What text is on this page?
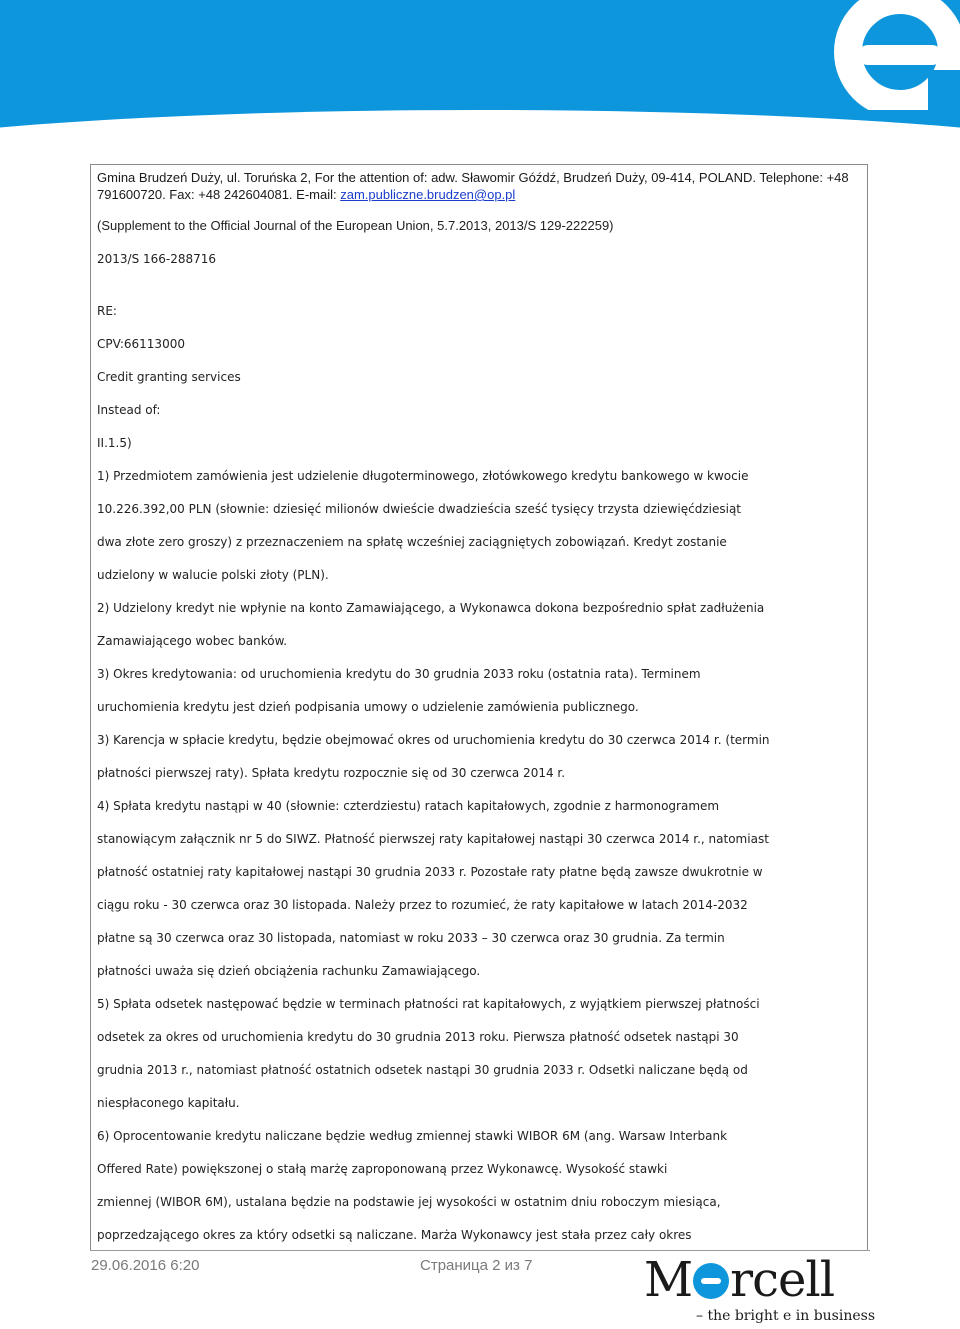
Gmina Brudzeń Duży, ul. Toruńska 2, For the attention of: adw. Sławomir Góźdź, Brudzeń Duży, 09-414, POLAND. Telephone: +48
791600720. Fax: +48 242604081. E-mail: zam.publiczne.brudzen@op.pl
(Supplement to the Official Journal of the European Union, 5.7.2013, 2013/S 129-222259)
2013/S 166-288716
RE:
CPV:66113000
Credit granting services
Instead of:
II.1.5)
1) Przedmiotem zamówienia jest udzielenie długoterminowego, złotówkowego kredytu bankowego w kwocie
10.226.392,00 PLN (słownie: dziesięć milionów dwieście dwadzieścia sześć tysięcy trzysta dziewięćdziesiąt
dwa złote zero groszy) z przeznaczeniem na spłatę wcześniej zaciągniętych zobowiązań. Kredyt zostanie
udzielony w walucie polski złoty (PLN).
2) Udzielony kredyt nie wpłynie na konto Zamawiającego, a Wykonawca dokona bezpośrednio spłat zadłużenia
Zamawiającego wobec banków.
3) Okres kredytowania: od uruchomienia kredytu do 30 grudnia 2033 roku (ostatnia rata). Terminem
uruchomienia kredytu jest dzień podpisania umowy o udzielenie zamówienia publicznego.
3) Karencja w spłacie kredytu, będzie obejmować okres od uruchomienia kredytu do 30 czerwca 2014 r. (termin
płatności pierwszej raty). Spłata kredytu rozpocznie się od 30 czerwca 2014 r.
4) Spłata kredytu nastąpi w 40 (słownie: czterdziestu) ratach kapitałowych, zgodnie z harmonogramem
stanowiącym załącznik nr 5 do SIWZ. Płatność pierwszej raty kapitałowej nastąpi 30 czerwca 2014 r., natomiast
płatność ostatniej raty kapitałowej nastąpi 30 grudnia 2033 r. Pozostałe raty płatne będą zawsze dwukrotnie w
ciągu roku - 30 czerwca oraz 30 listopada. Należy przez to rozumieć, że raty kapitałowe w latach 2014-2032
płatne są 30 czerwca oraz 30 listopada, natomiast w roku 2033 – 30 czerwca oraz 30 grudnia. Za termin
płatności uważa się dzień obciążenia rachunku Zamawiającego.
5) Spłata odsetek następować będzie w terminach płatności rat kapitałowych, z wyjątkiem pierwszej płatności
odsetek za okres od uruchomienia kredytu do 30 grudnia 2013 roku. Pierwsza płatność odsetek nastąpi 30
grudnia 2013 r., natomiast płatność ostatnich odsetek nastąpi 30 grudnia 2033 r. Odsetki naliczane będą od
niespłaconego kapitału.
6) Oprocentowanie kredytu naliczane będzie według zmiennej stawki WIBOR 6M (ang. Warsaw Interbank
Offered Rate) powiększonej o stałą marżę zaproponowaną przez Wykonawcę. Wysokość stawki
zmiennej (WIBOR 6M), ustalana będzie na podstawie jej wysokości w ostatnim dniu roboczym miesiąca,
poprzedzającego okres za który odsetki są naliczane. Marża Wykonawcy jest stała przez cały okres
29.06.2016 6:20	Страница 2 из 7 M rcell
– the bright e in business
